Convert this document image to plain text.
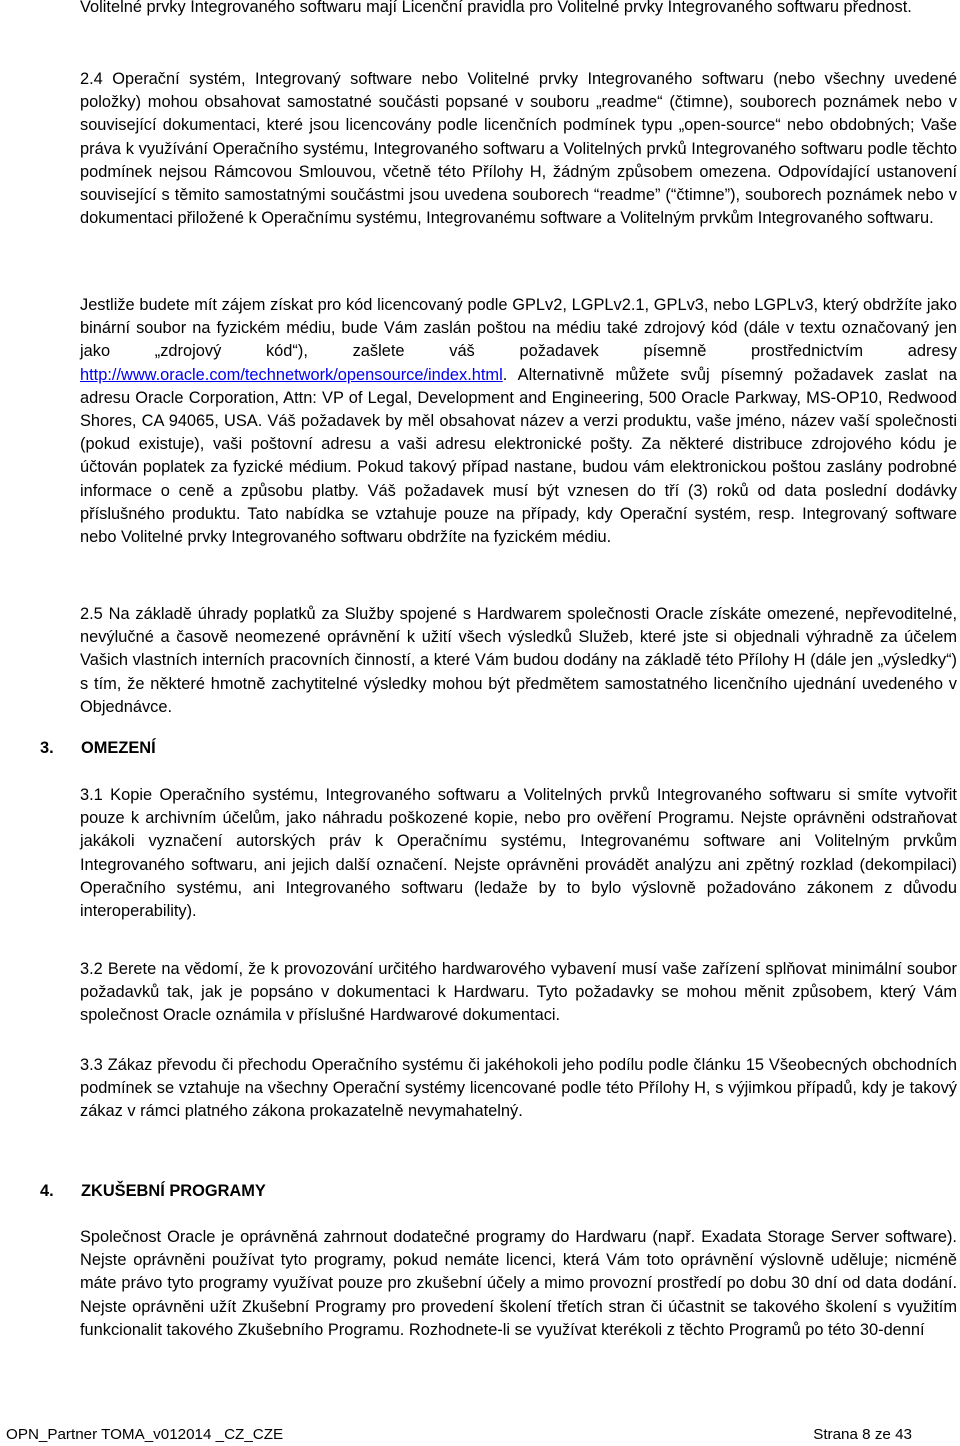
Volitelné prvky Integrovaného softwaru mají Licenční pravidla pro Volitelné prvky Integrovaného softwaru přednost.

2.4 Operační systém, Integrovaný software nebo Volitelné prvky Integrovaného softwaru (nebo všechny uvedené položky) mohou obsahovat samostatné součásti popsané v souboru „readme“ (čtimne), souborech poznámek nebo v související dokumentaci, které jsou licencovány podle licenčních podmínek typu „open-source“ nebo obdobných; Vaše práva k využívání Operačního systému, Integrovaného softwaru a Volitelných prvků Integrovaného softwaru podle těchto podmínek nejsou Rámcovou Smlouvou, včetně této Přílohy H, žádným způsobem omezena. Odpovídající ustanovení související s těmito samostatnými součástmi jsou uvedena souborech “readme” (“čtimne”), souborech poznámek nebo v dokumentaci přiložené k Operačnímu systému, Integrovanému software a Volitelným prvkům Integrovaného softwaru.

Jestliže budete mít zájem získat pro kód licencovaný podle GPLv2, LGPLv2.1, GPLv3, nebo LGPLv3, který obdržíte jako binární soubor na fyzickém médiu, bude Vám zaslán poštou na médiu také zdrojový kód (dále v textu označovaný jen jako „zdrojový kód“), zašlete váš požadavek písemně prostřednictvím adresy http://www.oracle.com/technetwork/opensource/index.html. Alternativně můžete svůj písemný požadavek zaslat na adresu Oracle Corporation, Attn: VP of Legal, Development and Engineering, 500 Oracle Parkway, MS-OP10, Redwood Shores, CA 94065, USA. Váš požadavek by měl obsahovat název a verzi produktu, vaše jméno, název vaší společnosti (pokud existuje), vaši poštovní adresu a vaši adresu elektronické pošty. Za některé distribuce zdrojového kódu je účtován poplatek za fyzické médium. Pokud takový případ nastane, budou vám elektronickou poštou zaslány podrobné informace o ceně a způsobu platby. Váš požadavek musí být vznesen do tří (3) roků od data poslední dodávky příslušného produktu. Tato nabídka se vztahuje pouze na případy, kdy Operační systém, resp. Integrovaný software nebo Volitelné prvky Integrovaného softwaru obdržíte na fyzickém médiu.

2.5 Na základě úhrady poplatků za Služby spojené s Hardwarem společnosti Oracle získáte omezené, nepřevoditelné, nevýlučné a časově neomezené oprávnění k užití všech výsledků Služeb, které jste si objednali výhradně za účelem Vašich vlastních interních pracovních činností, a které Vám budou dodány na základě této Přílohy H (dále jen „výsledky“) s tím, že některé hmotně zachytitelné výsledky mohou být předmětem samostatného licenčního ujednání uvedeného v Objednávce.

3. OMEZENÍ

3.1 Kopie Operačního systému, Integrovaného softwaru a Volitelných prvků Integrovaného softwaru si smíte vytvořit pouze k archivním účelům, jako náhradu poškozené kopie, nebo pro ověření Programu. Nejste oprávněni odstraňovat jakákoli vyznačení autorských práv k Operačnímu systému, Integrovanému software ani Volitelným prvkům Integrovaného softwaru, ani jejich další označení. Nejste oprávněni provádět analýzu ani zpětný rozklad (dekompilaci) Operačního systému, ani Integrovaného softwaru (ledaže by to bylo výslovně požadováno zákonem z důvodu interoperability).

3.2 Berete na vědomí, že k provozování určitého hardwarového vybavení musí vaše zařízení splňovat minimální soubor požadavků tak, jak je popsáno v dokumentaci k Hardwaru. Tyto požadavky se mohou měnit způsobem, který Vám společnost Oracle oznámila v příslušné Hardwarové dokumentaci.

3.3 Zákaz převodu či přechodu Operačního systému či jakéhokoli jeho podílu podle článku 15 Všeobecných obchodních podmínek se vztahuje na všechny Operační systémy licencované podle této Přílohy H, s výjimkou případů, kdy je takový zákaz v rámci platného zákona prokazatelně nevymahatelný.

4. ZKUŠEBNÍ PROGRAMY

Společnost Oracle je oprávněná zahrnout dodatečné programy do Hardwaru (např. Exadata Storage Server software). Nejste oprávněni používat tyto programy, pokud nemáte licenci, která Vám toto oprávnění výslovně uděluje; nicméně máte právo tyto programy využívat pouze pro zkušební účely a mimo provozní prostředí po dobu 30 dní od data dodání. Nejste oprávněni užít Zkušební Programy pro provedení školení třetích stran či účastnit se takového školení s využitím funkcionalit takového Zkušebního Programu. Rozhodnete-li se využívat kterékoli z těchto Programů po této 30-denní

OPN_Partner TOMA_v012014 _CZ_CZE	Strana 8 ze 43
